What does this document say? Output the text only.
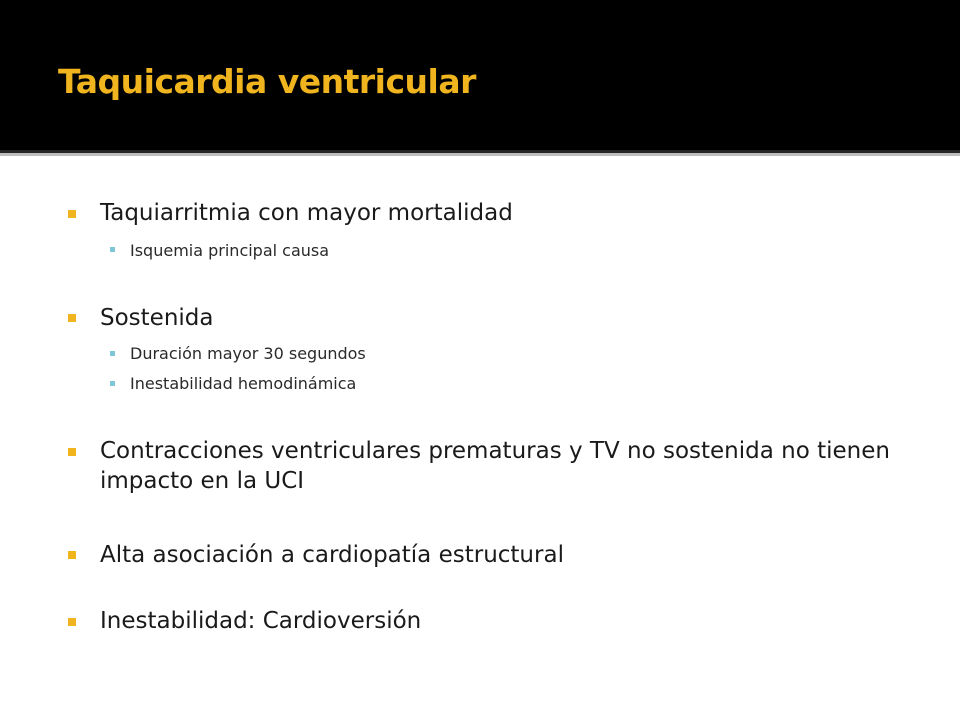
Taquicardia ventricular
Taquiarritmia con mayor mortalidad
Isquemia principal causa
Sostenida
Duración mayor 30 segundos
Inestabilidad hemodinámica
Contracciones ventriculares prematuras y TV no sostenida no tienen impacto en la UCI
Alta asociación a cardiopatía estructural
Inestabilidad: Cardioversión
